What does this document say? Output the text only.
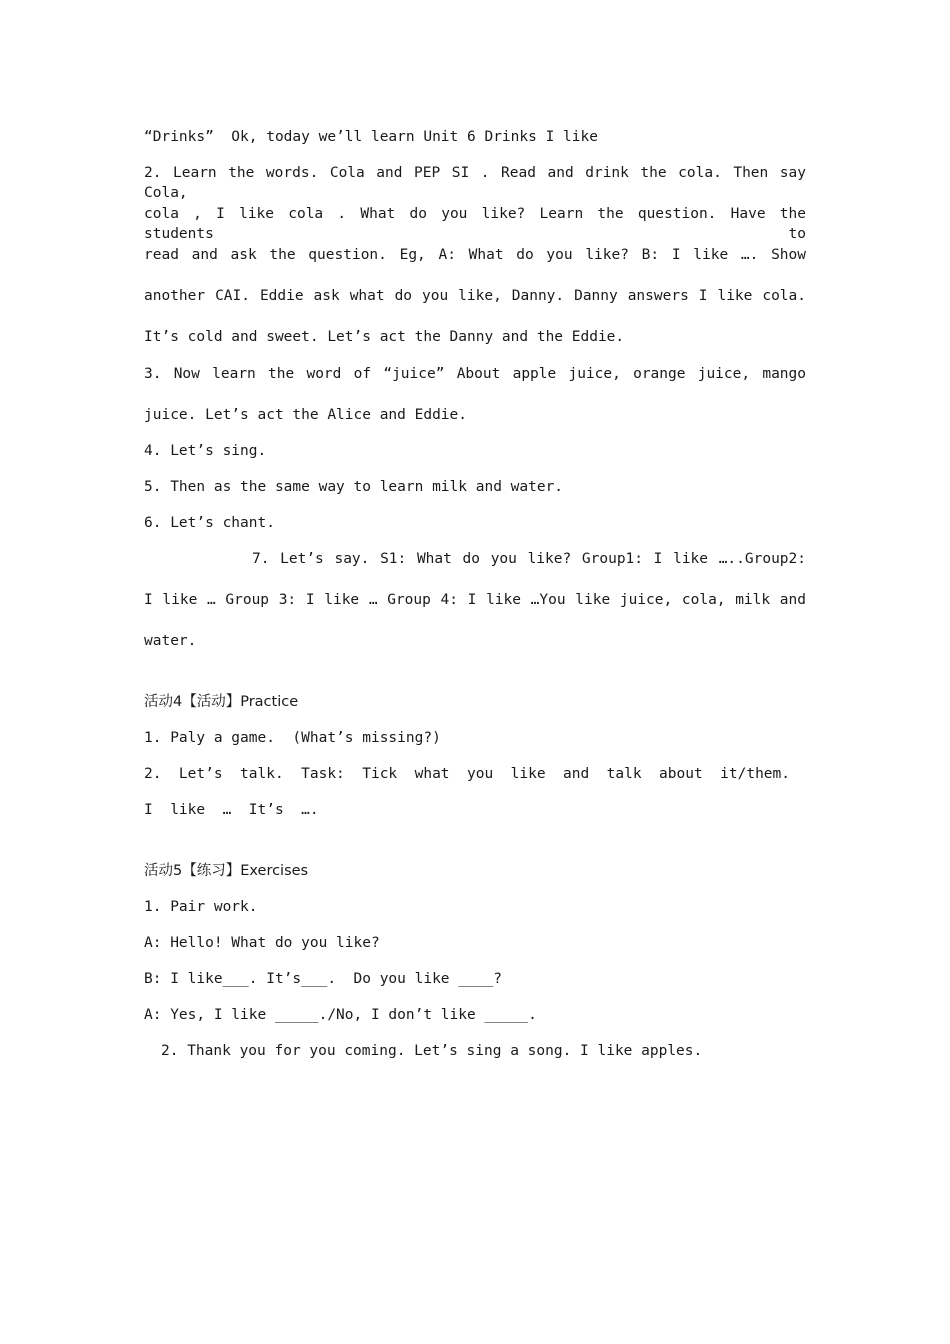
“Drinks”  Ok, today we’ll learn Unit 6 Drinks I like
2. Learn the words. Cola and PEP SI . Read and drink the cola. Then say Cola,
cola , I like cola . What do you like? Learn the question. Have the students to
read and ask the question. Eg, A: What do you like? B: I like …. Show
another CAI. Eddie ask what do you like, Danny. Danny answers I like cola.
It’s cold and sweet. Let’s act the Danny and the Eddie.
3. Now learn the word of “juice” About apple juice, orange juice, mango
juice. Let’s act the Alice and Eddie.
4. Let’s sing.
5. Then as the same way to learn milk and water.
6. Let’s chant.
7. Let’s say. S1: What do you like? Group1: I like …..Group2:
I like … Group 3: I like … Group 4: I like …You like juice, cola, milk and
water.
活动4【活动】Practice
1. Paly a game.  (What’s missing?)
2.  Let’s  talk.  Task:  Tick  what  you  like  and  talk  about  it/them.
I  like  …  It’s  ….
活动5【练习】Exercises
1. Pair work.
A: Hello! What do you like?
B: I like___. It’s___.  Do you like ____?
A: Yes, I like _____./No, I don’t like _____.
2. Thank you for you coming. Let’s sing a song. I like apples.
